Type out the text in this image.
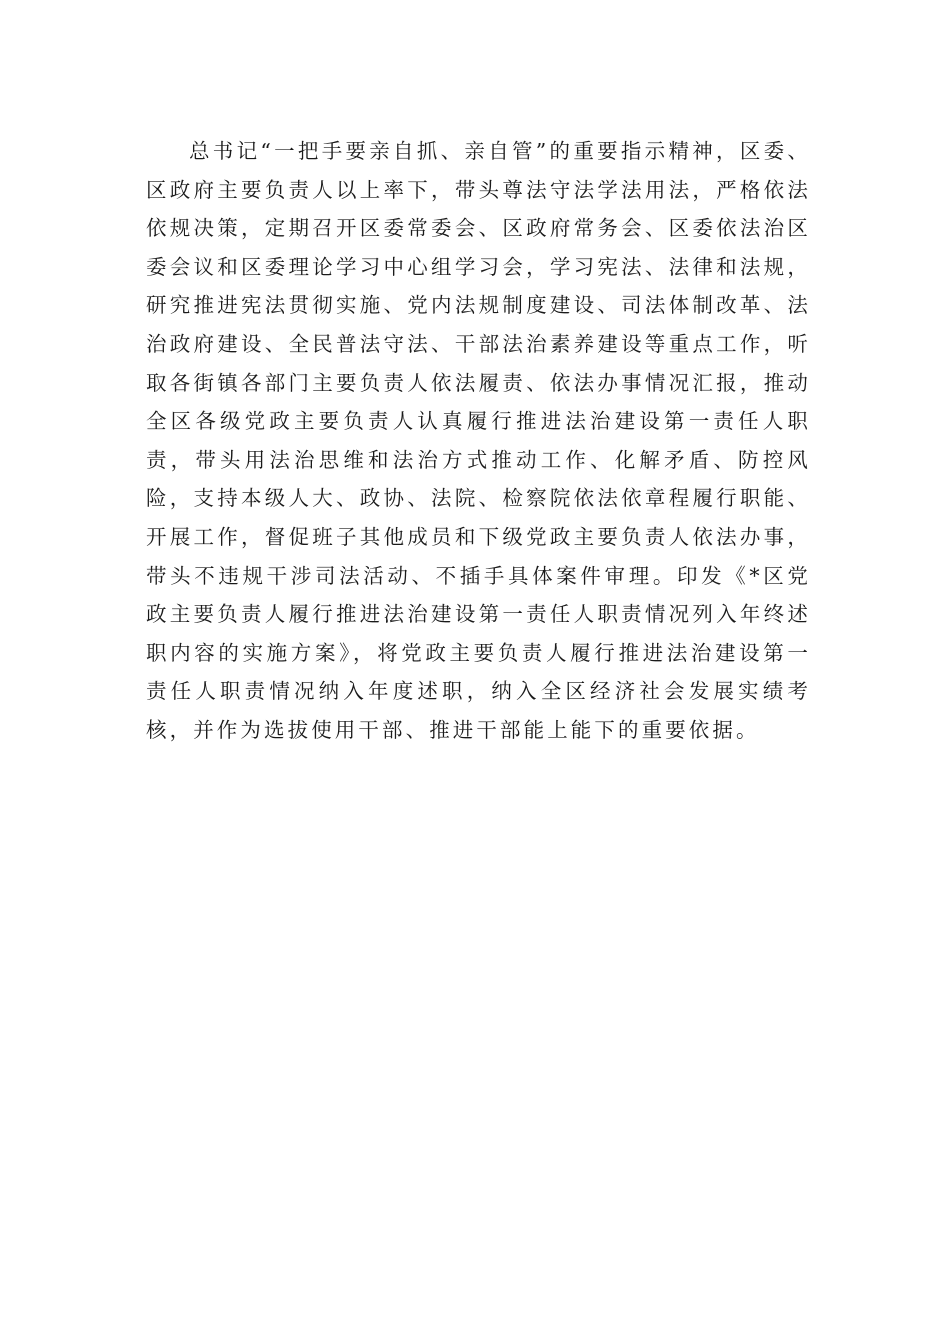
总书记“一把手要亲自抓、亲自管”的重要指示精神，区委、区政府主要负责人以上率下，带头尊法守法学法用法，严格依法依规决策，定期召开区委常委会、区政府常务会、区委依法治区委会议和区委理论学习中心组学习会，学习宪法、法律和法规，研究推进宪法贯彻实施、党内法规制度建设、司法体制改革、法治政府建设、全民普法守法、干部法治素养建设等重点工作，听取各街镇各部门主要负责人依法履责、依法办事情况汇报，推动全区各级党政主要负责人认真履行推进法治建设第一责任人职责，带头用法治思维和法治方式推动工作、化解矛盾、防控风险，支持本级人大、政协、法院、检察院依法依章程履行职能、开展工作，督促班子其他成员和下级党政主要负责人依法办事，带头不违规干涉司法活动、不插手具体案件审理。印发《*区党政主要负责人履行推进法治建设第一责任人职责情况列入年终述职内容的实施方案》，将党政主要负责人履行推进法治建设第一责任人职责情况纳入年度述职，纳入全区经济社会发展实绩考核，并作为选拔使用干部、推进干部能上能下的重要依据。
